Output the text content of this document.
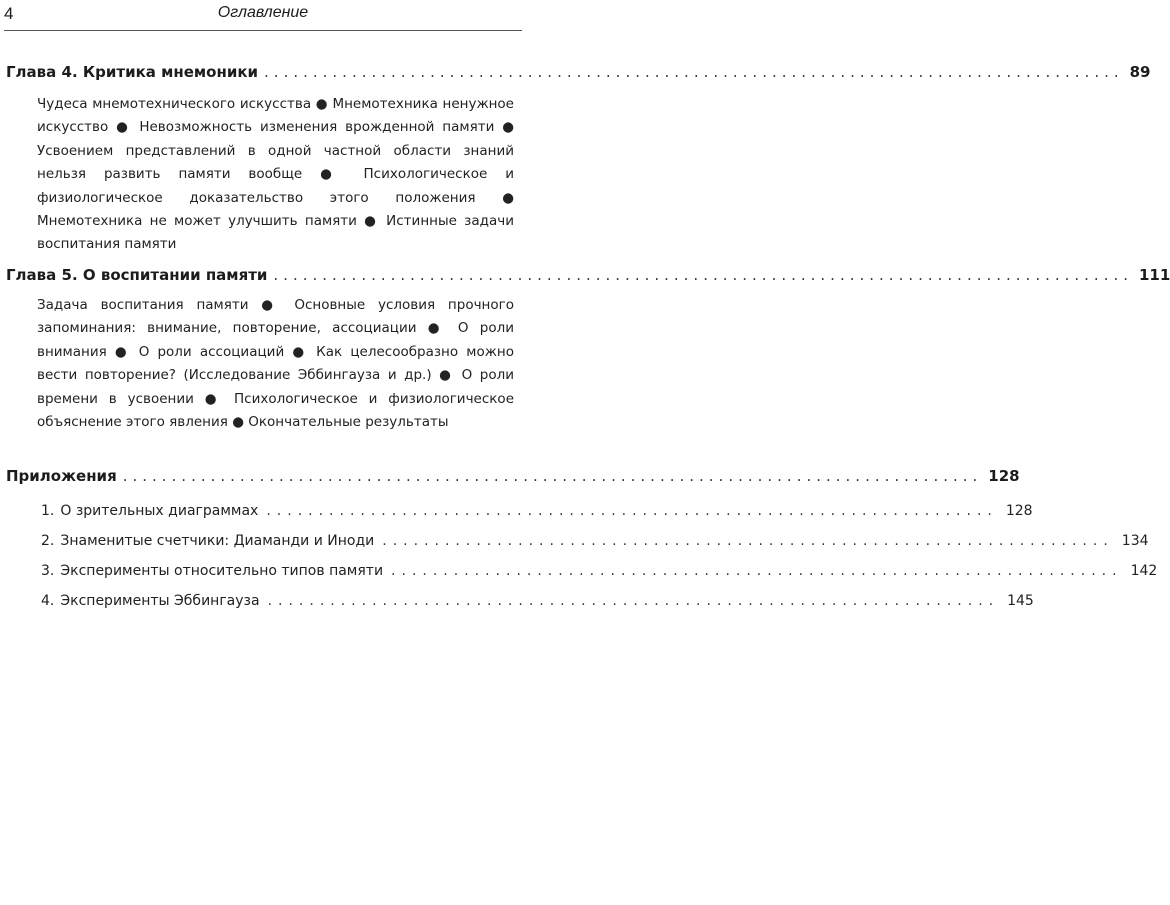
4	Оглавление
Глава 4. Критика мнемоники ........................................................................................ 89
Чудеса мнемотехнического искусства ● Мнемотехника ненужное искусство ● Невозможность изменения врожденной памяти ● Усвоением представлений в одной частной области знаний нельзя развить памяти вообще ● Психологическое и физиологическое доказательство этого положения ● Мнемотехника не может улучшить памяти ● Истинные задачи воспитания памяти
Глава 5. О воспитании памяти ........................................................................................ 111
Задача воспитания памяти ● Основные условия прочного запоминания: внимание, повторение, ассоциации ● О роли внимания ● О роли ассоциаций ● Как целесообразно можно вести повторение? (Исследование Эббингауза и др.) ● О роли времени в усвоении ● Психологическое и физиологическое объяснение этого явления ● Окончательные результаты
Приложения ........................................................................................ 128
1. О зрительных диаграммах ...................................................................... 128
2. Знаменитые счетчики: Диаманди и Иноди ...................................................................... 134
3. Эксперименты относительно типов памяти ...................................................................... 142
4. Эксперименты Эббингауза ...................................................................... 145
